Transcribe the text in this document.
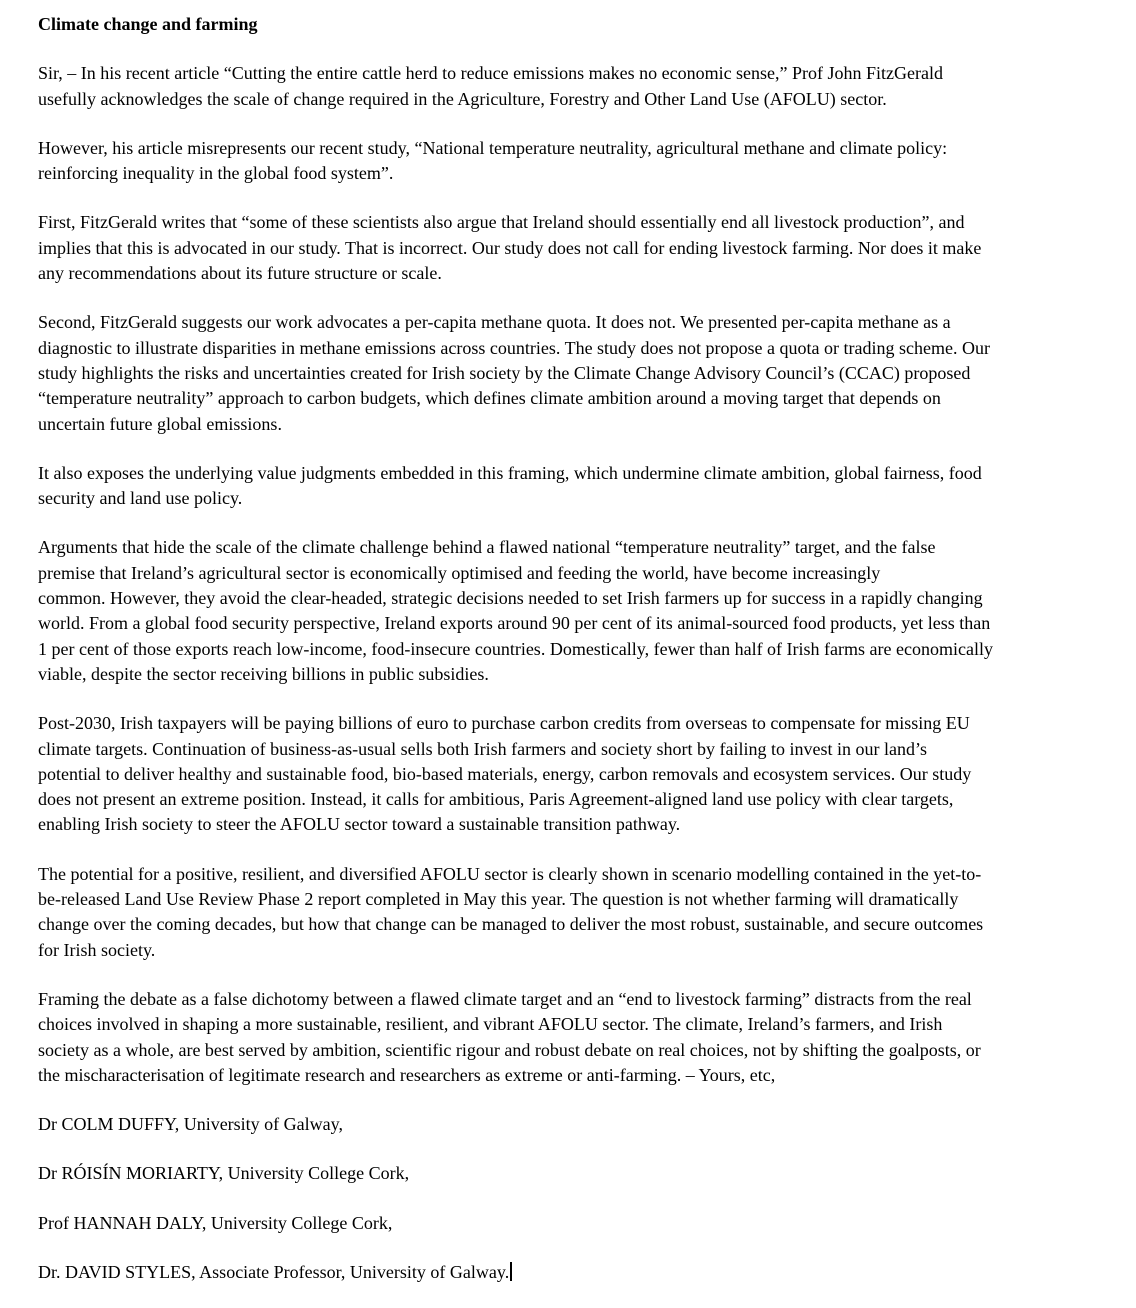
Climate change and farming
Sir, – In his recent article “Cutting the entire cattle herd to reduce emissions makes no economic sense,” Prof John FitzGerald
usefully acknowledges the scale of change required in the Agriculture, Forestry and Other Land Use (AFOLU) sector.
However, his article misrepresents our recent study, “National temperature neutrality, agricultural methane and climate policy:
reinforcing inequality in the global food system”.
First, FitzGerald writes that “some of these scientists also argue that Ireland should essentially end all livestock production”, and
implies that this is advocated in our study. That is incorrect. Our study does not call for ending livestock farming. Nor does it make
any recommendations about its future structure or scale.
Second, FitzGerald suggests our work advocates a per-capita methane quota. It does not. We presented per-capita methane as a
diagnostic to illustrate disparities in methane emissions across countries. The study does not propose a quota or trading scheme. Our
study highlights the risks and uncertainties created for Irish society by the Climate Change Advisory Council’s (CCAC) proposed
“temperature neutrality” approach to carbon budgets, which defines climate ambition around a moving target that depends on
uncertain future global emissions.
It also exposes the underlying value judgments embedded in this framing, which undermine climate ambition, global fairness, food
security and land use policy.
Arguments that hide the scale of the climate challenge behind a flawed national “temperature neutrality” target, and the false
premise that Ireland’s agricultural sector is economically optimised and feeding the world, have become increasingly
common. However, they avoid the clear-headed, strategic decisions needed to set Irish farmers up for success in a rapidly changing
world. From a global food security perspective, Ireland exports around 90 per cent of its animal-sourced food products, yet less than
1 per cent of those exports reach low-income, food-insecure countries. Domestically, fewer than half of Irish farms are economically
viable, despite the sector receiving billions in public subsidies.
Post-2030, Irish taxpayers will be paying billions of euro to purchase carbon credits from overseas to compensate for missing EU
climate targets. Continuation of business-as-usual sells both Irish farmers and society short by failing to invest in our land’s
potential to deliver healthy and sustainable food, bio-based materials, energy, carbon removals and ecosystem services. Our study
does not present an extreme position. Instead, it calls for ambitious, Paris Agreement-aligned land use policy with clear targets,
enabling Irish society to steer the AFOLU sector toward a sustainable transition pathway.
The potential for a positive, resilient, and diversified AFOLU sector is clearly shown in scenario modelling contained in the yet-to-
be-released Land Use Review Phase 2 report completed in May this year. The question is not whether farming will dramatically
change over the coming decades, but how that change can be managed to deliver the most robust, sustainable, and secure outcomes
for Irish society.
Framing the debate as a false dichotomy between a flawed climate target and an “end to livestock farming” distracts from the real
choices involved in shaping a more sustainable, resilient, and vibrant AFOLU sector. The climate, Ireland’s farmers, and Irish
society as a whole, are best served by ambition, scientific rigour and robust debate on real choices, not by shifting the goalposts, or
the mischaracterisation of legitimate research and researchers as extreme or anti-farming. – Yours, etc,
Dr COLM DUFFY, University of Galway,
Dr RÓISÍN MORIARTY, University College Cork,
Prof HANNAH DALY, University College Cork,
Dr. DAVID STYLES, Associate Professor, University of Galway.
